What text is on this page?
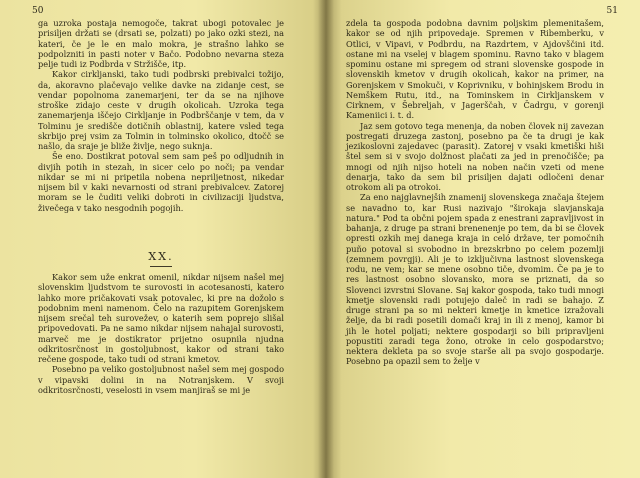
50

ga uzroka postaja nemogoče, takrat ubogi potovalec je prisiljen držati se (drsati se, polzati) po jako ozki stezi, na kateri, če je le en malo mokra, je strašno lahko se podpolzniti in pasti noter v Bačo. Podobno nevarna steza pelje tudi iz Podbrda v Stržišče, itp.

Kakor cirkljanski, tako tudi podbrski prebivalci tožijo, da, akoravno plačevajo velike davke na zidanje cest, se vendar popolnoma zanemarjeni, ter da se na njihove stroške zidajo ceste v drugih okolicah. Uzroka tega zanemarjenja iščejo Cirkljanje in Podbrščanje v tem, da v Tolminu je središče dotičnih oblastnij, katere vsled tega skrbijo prej vsim za Tolmin in tolminsko okolico, dtočč se našlo, da sraje je bliže življe, nego suknja.

Še eno. Dostikrat potoval sem sam peš po odljudnih in divjih potih in stezah, in sicer celo po noči; pa vendar nikdar se mi ni pripetila nobena nepriljetnost, nikedar nijsem bil v kaki nevarnosti od strani prebivalcev. Zatorej moram se le čuditi veliki dobroti in civilizaciji ljudstva, živečega v tako nesgodnih pogojih.

XX.

Kakor sem uže enkrat omenil, nikdar nijsem našel mej slovenskim ljudstvom te surovosti in acotesanosti, katero lahko more pričakovati vsak potovalec, ki pre na dožolo s podobnim meni namenom. Čelo na razupitem Gorenjskem nijsem srečal teh surovežev, o katerih sem poprejo slišal pripovedovati. Pa ne samo nikdar nijsem nahajal surovosti, marveč me je dostikrator prijetno osupnila njudna odkritosrčnost in gostoljubnost, kakor od strani tako rečene gospode, tako tudi od strani kmetov.

Posebno pa veliko gostoljubnost našel sem mej gospodo v vipavski dolini in na Notranjskem. V svoji odkritosrčnosti, veselosti in vsem manjiraš se mi je

51

zdela ta gospoda podobna davnim poljskim plemenitašem, kakor se od njih pripovedaje. Spremen v Ribemberku, v Otlici, v Vipavi, v Podbrdu, na Razdrtem, v Ajdovščini itd. ostane mi na vselej v blagem spominu. Ravno tako v blagem spominu ostane mi spregem od strani slovenske gospode in slovenskih kmetov v drugih okolicah, kakor na primer, na Gorenjskem v Smokuči, v Koprivniku, v bohinjskem Brodu in Nemškem Rutu, itd., na Tominskem in Cirkljanskem v Cirknem, v Šebreljah, v Jagerščah, v Čadrgu, v gorenji Kameniici i. t. d.

Jaz sem gotovo tega menenja, da noben človek nij zavezan postregati druzega zastonj, posebno pa če ta drugi je kak jezikoslovni zajedavec (parasit). Zatorej v vsaki kmetiški hiši štel sem si v svojo dolžnost plačati za jed in prenočišče; pa mnogi od njih nijso hoteli na noben način vzeti od mene denarja, tako da sem bil prisiljen dajati odločeni denar otrokom ali pa otrokoi.

Za eno najglavnejših znamenij slovenskega značaja štejem se navadno to, kar Rusi nazivajo "širokaja slavjanskaja natura." Pod ta občni pojem spada z enestrani zapravljivost in bahanja, z druge pa strani brenenenje po tem, da bi se človek opresti ozkih mej danega kraja in celó države, ter pomočnih puño potoval si svobodno in brezskrbno po celem pozemlji (zemnem povrgji). Ali je to izključivna lastnost slovenskega rodu, ne vem; kar se mene osobno tiče, dvomim. Če pa je to res lastnost osobno slovansko, mora se priznati, da so Slovenci izvrstni Slovane. Saj kakor gospoda, tako tudi mnogi kmetje slovenski radi potujejo daleč in radi se bahajo. Z druge strani pa so mi nekteri kmetje in kmetice izražovali želje, da bi radi posetili domači kraj in ili z menoj, kamor bi jih le hotel poljati; nektere gospodarji so bili pripravljeni popustiti zaradi tega žono, otroke in celo gospodarstvo; nektera dekleta pa so svoje starše ali pa svojo gospodarje. Posebno pa opazil sem to želje v
